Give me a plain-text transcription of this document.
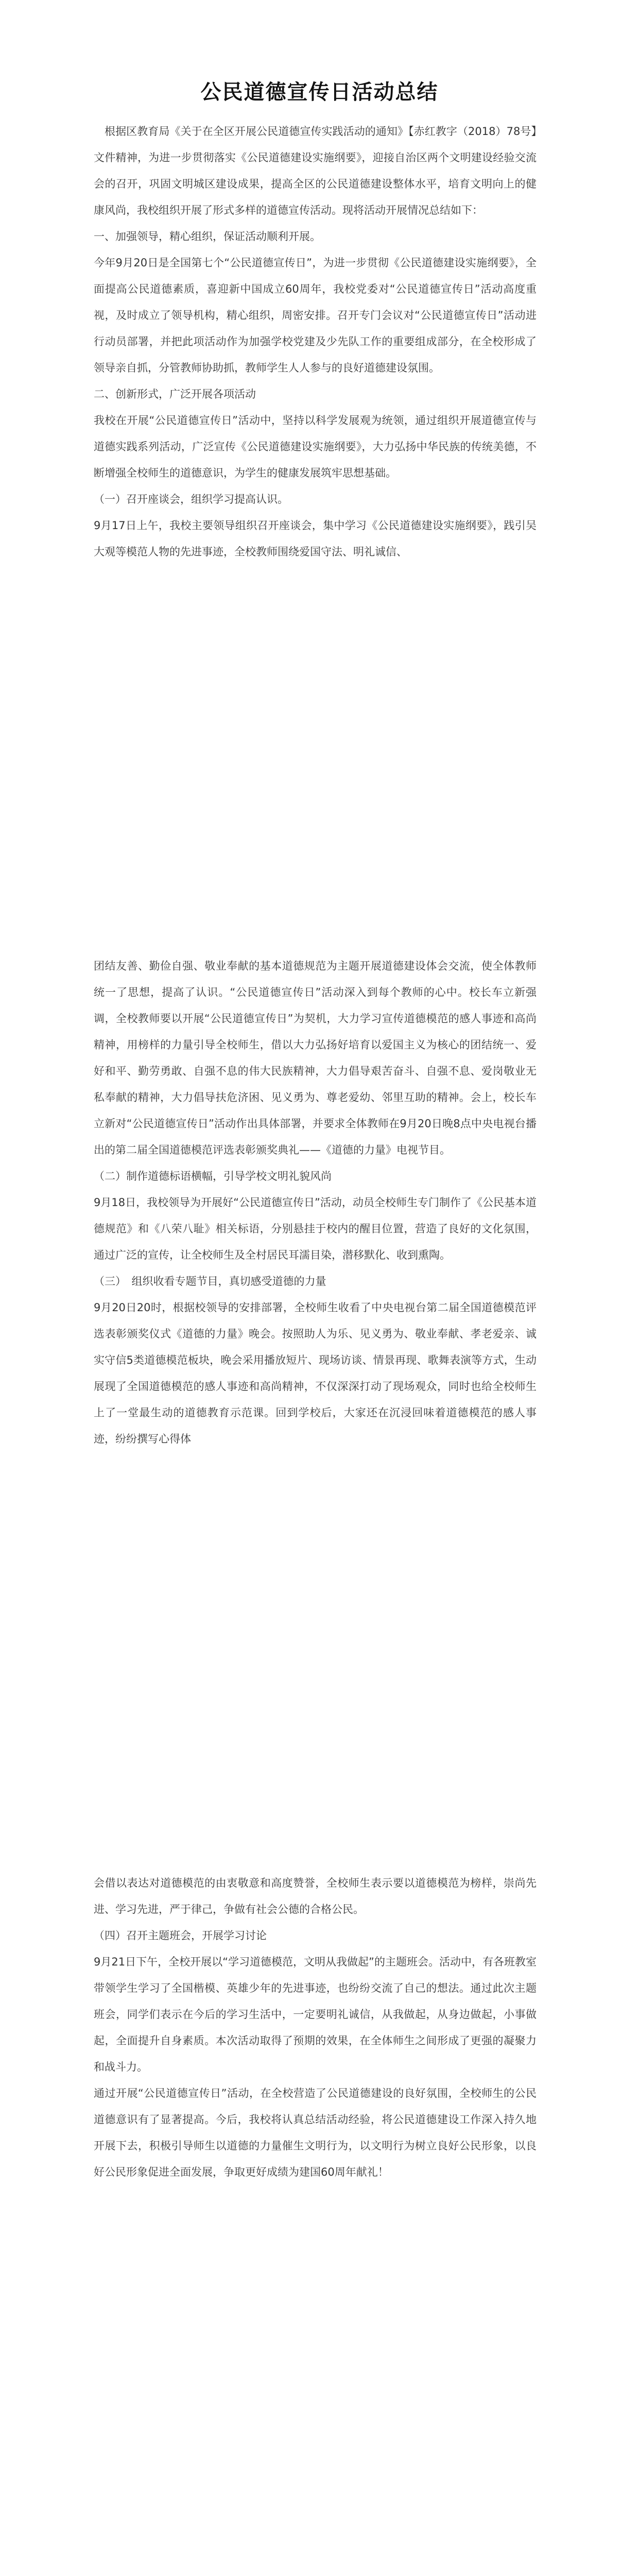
公民道德宣传日活动总结

根据区教育局《关于在全区开展公民道德宣传实践活动的通知》【赤红教字（2018）78号】文件精神，为进一步贯彻落实《公民道德建设实施纲要》，迎接自治区两个文明建设经验交流会的召开，巩固文明城区建设成果，提高全区的公民道德建设整体水平，培育文明向上的健康风尚，我校组织开展了形式多样的道德宣传活动。现将活动开展情况总结如下：

一、加强领导，精心组织，保证活动顺利开展。

今年9月20日是全国第七个“公民道德宣传日”，为进一步贯彻《公民道德建设实施纲要》，全面提高公民道德素质，喜迎新中国成立60周年，我校党委对“公民道德宣传日”活动高度重视，及时成立了领导机构，精心组织，周密安排。召开专门会议对“公民道德宣传日”活动进行动员部署，并把此项活动作为加强学校党建及少先队工作的重要组成部分，在全校形成了领导亲自抓，分管教师协助抓，教师学生人人参与的良好道德建设氛围。

二、创新形式，广泛开展各项活动

我校在开展“公民道德宣传日”活动中，坚持以科学发展观为统领，通过组织开展道德宣传与道德实践系列活动，广泛宣传《公民道德建设实施纲要》，大力弘扬中华民族的传统美德，不断增强全校师生的道德意识，为学生的健康发展筑牢思想基础。

（一）召开座谈会，组织学习提高认识。

9月17日上午，我校主要领导组织召开座谈会，集中学习《公民道德建设实施纲要》，践引吴大观等模范人物的先进事迹，全校教师围绕爱国守法、明礼诚信、

团结友善、勤俭自强、敬业奉献的基本道德规范为主题开展道德建设体会交流，使全体教师统一了思想，提高了认识。“公民道德宣传日”活动深入到每个教师的心中。校长车立新强调，全校教师要以开展“公民道德宣传日”为契机，大力学习宣传道德模范的感人事迹和高尚精神，用榜样的力量引导全校师生，借以大力弘扬好培育以爱国主义为核心的团结统一、爱好和平、勤劳勇敢、自强不息的伟大民族精神，大力倡导艰苦奋斗、自强不息、爱岗敬业无私奉献的精神，大力倡导扶危济困、见义勇为、尊老爱幼、邻里互助的精神。会上，校长车立新对“公民道德宣传日”活动作出具体部署，并要求全体教师在9月20日晚8点中央电视台播出的第二届全国道德模范评选表彰颁奖典礼——《道德的力量》电视节目。

（二）制作道德标语横幅，引导学校文明礼貌风尚

9月18日，我校领导为开展好“公民道德宣传日”活动，动员全校师生专门制作了《公民基本道德规范》和《八荣八耻》相关标语，分别悬挂于校内的醒目位置，营造了良好的文化氛围，通过广泛的宣传，让全校师生及全村居民耳濡目染，潜移默化、收到熏陶。

（三）　组织收看专题节目，真切感受道德的力量

9月20日20时，根据校领导的安排部署，全校师生收看了中央电视台第二届全国道德模范评选表彰颁奖仪式《道德的力量》晚会。按照助人为乐、见义勇为、敬业奉献、孝老爱亲、诚实守信5类道德模范板块，晚会采用播放短片、现场访谈、情景再现、歌舞表演等方式，生动展现了全国道德模范的感人事迹和高尚精神，不仅深深打动了现场观众，同时也给全校师生上了一堂最生动的道德教育示范课。回到学校后，大家还在沉浸回味着道德模范的感人事迹，纷纷撰写心得体

会借以表达对道德模范的由衷敬意和高度赞誉，全校师生表示要以道德模范为榜样，崇尚先进、学习先进，严于律己，争做有社会公德的合格公民。

（四）召开主题班会，开展学习讨论

9月21日下午，全校开展以“学习道德模范，文明从我做起”的主题班会。活动中，有各班教室带领学生学习了全国楷模、英雄少年的先进事迹，也纷纷交流了自己的想法。通过此次主题班会，同学们表示在今后的学习生活中，一定要明礼诚信，从我做起，从身边做起，小事做起，全面提升自身素质。本次活动取得了预期的效果，在全体师生之间形成了更强的凝聚力和战斗力。

通过开展“公民道德宣传日”活动，在全校营造了公民道德建设的良好氛围，全校师生的公民道德意识有了显著提高。今后，我校将认真总结活动经验，将公民道德建设工作深入持久地开展下去，积极引导师生以道德的力量催生文明行为，以文明行为树立良好公民形象，以良好公民形象促进全面发展，争取更好成绩为建国60周年献礼！
